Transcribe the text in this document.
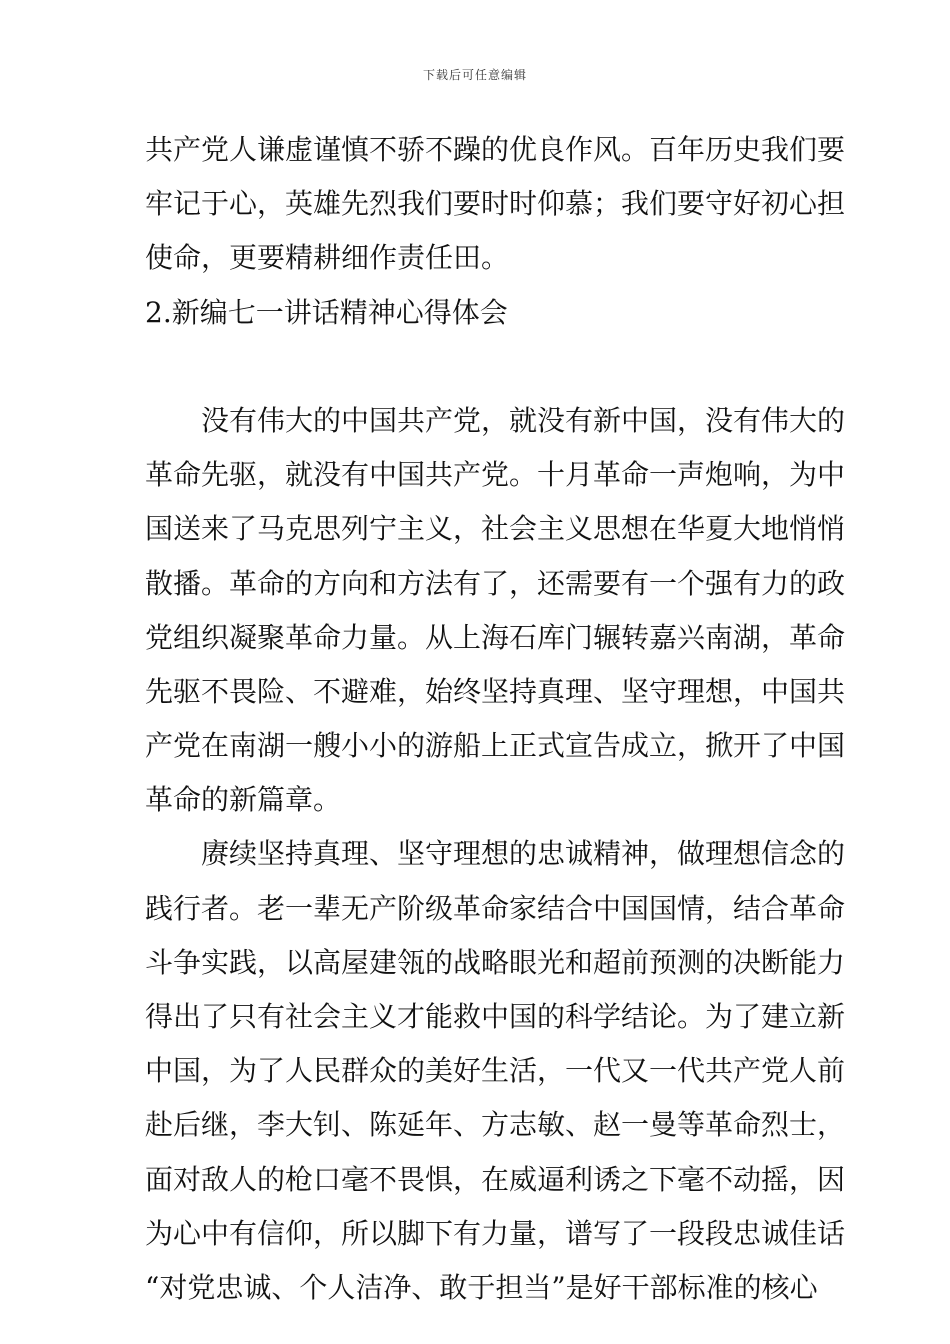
下载后可任意编辑
共产党人谦虚谨慎不骄不躁的优良作风。百年历史我们要
牢记于心，英雄先烈我们要时时仰慕；我们要守好初心担
使命，更要精耕细作责任田。
2.新编七一讲话精神心得体会
没有伟大的中国共产党，就没有新中国，没有伟大的
革命先驱，就没有中国共产党。十月革命一声炮响，为中
国送来了马克思列宁主义，社会主义思想在华夏大地悄悄
散播。革命的方向和方法有了，还需要有一个强有力的政
党组织凝聚革命力量。从上海石库门辗转嘉兴南湖，革命
先驱不畏险、不避难，始终坚持真理、坚守理想，中国共
产党在南湖一艘小小的游船上正式宣告成立，掀开了中国
革命的新篇章。
赓续坚持真理、坚守理想的忠诚精神，做理想信念的
践行者。老一辈无产阶级革命家结合中国国情，结合革命
斗争实践，以高屋建瓴的战略眼光和超前预测的决断能力
得出了只有社会主义才能救中国的科学结论。为了建立新
中国，为了人民群众的美好生活，一代又一代共产党人前
赴后继，李大钊、陈延年、方志敏、赵一曼等革命烈士，
面对敌人的枪口毫不畏惧，在威逼利诱之下毫不动摇，因
为心中有信仰，所以脚下有力量，谱写了一段段忠诚佳话
“对党忠诚、个人洁净、敢于担当”是好干部标准的核心
